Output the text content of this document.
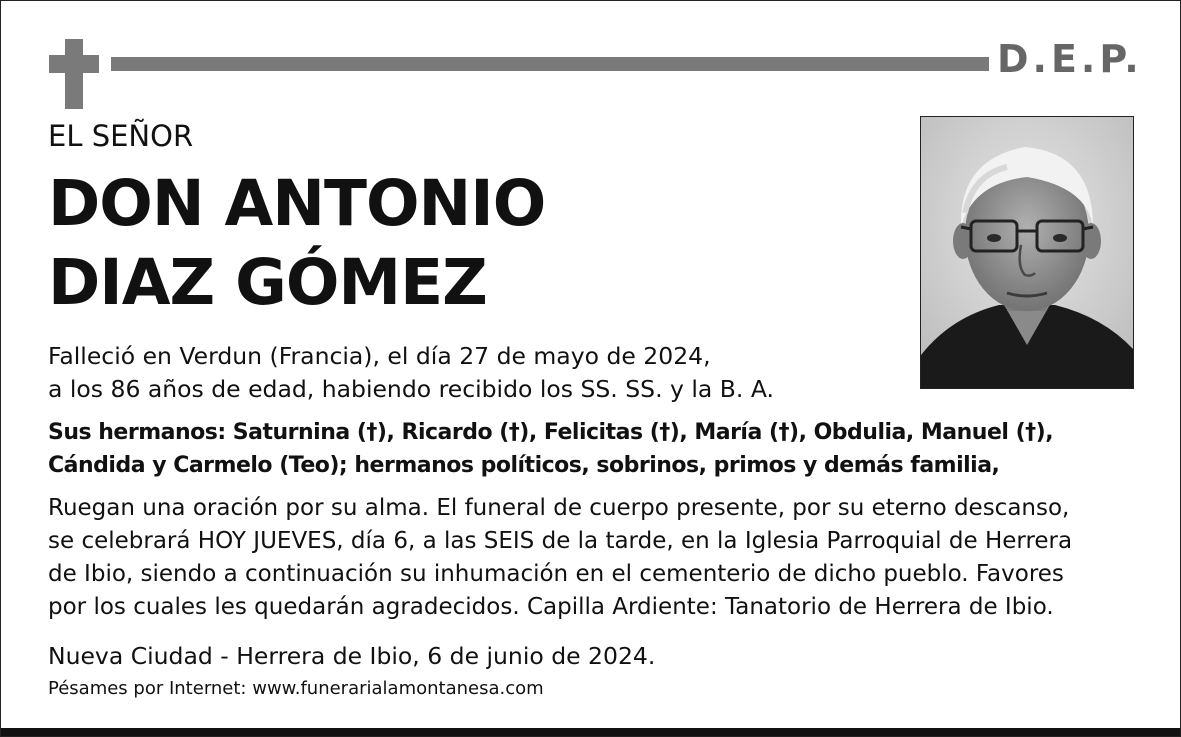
D.E.P.
EL SEÑOR
DON ANTONIO
DIAZ GÓMEZ
Falleció en Verdun (Francia), el día 27 de mayo de 2024,
a los 86 años de edad, habiendo recibido los SS. SS. y la B. A.
Sus hermanos: Saturnina (†), Ricardo (†), Felicitas (†), María (†), Obdulia, Manuel (†),
Cándida y Carmelo (Teo); hermanos políticos, sobrinos, primos y demás familia,
Ruegan una oración por su alma. El funeral de cuerpo presente, por su eterno descanso,
se celebrará HOY JUEVES, día 6, a las SEIS de la tarde, en la Iglesia Parroquial de Herrera
de Ibio, siendo a continuación su inhumación en el cementerio de dicho pueblo. Favores
por los cuales les quedarán agradecidos. Capilla Ardiente: Tanatorio de Herrera de Ibio.
Nueva Ciudad - Herrera de Ibio, 6 de junio de 2024.
Pésames por Internet: www.funerarialamontanesa.com
